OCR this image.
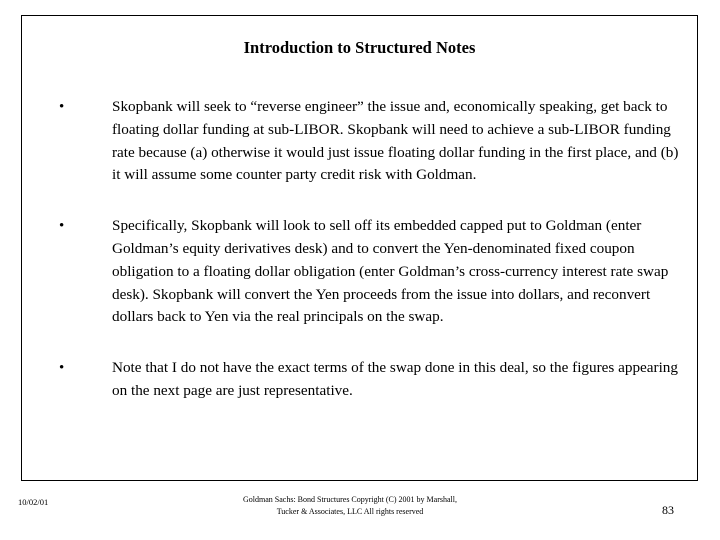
Introduction to Structured Notes
•	Skopbank will seek to “reverse engineer” the issue and, economically speaking, get back to floating dollar funding at sub-LIBOR. Skopbank will need to achieve a sub-LIBOR funding rate because (a) otherwise it would just issue floating dollar funding in the first place, and (b) it will assume some counter party credit risk with Goldman.
•	Specifically, Skopbank will look to sell off its embedded capped put to Goldman (enter Goldman’s equity derivatives desk) and to convert the Yen-denominated fixed coupon obligation to a floating dollar obligation (enter Goldman’s cross-currency interest rate swap desk). Skopbank will convert the Yen proceeds from the issue into dollars, and reconvert dollars back to Yen via the real principals on the swap.
•	Note that I do not have the exact terms of the swap done in this deal, so the figures appearing on the next page are just representative.
10/02/01	Goldman Sachs: Bond Structures Copyright (C) 2001 by Marshall, Tucker & Associates, LLC All rights reserved	83
